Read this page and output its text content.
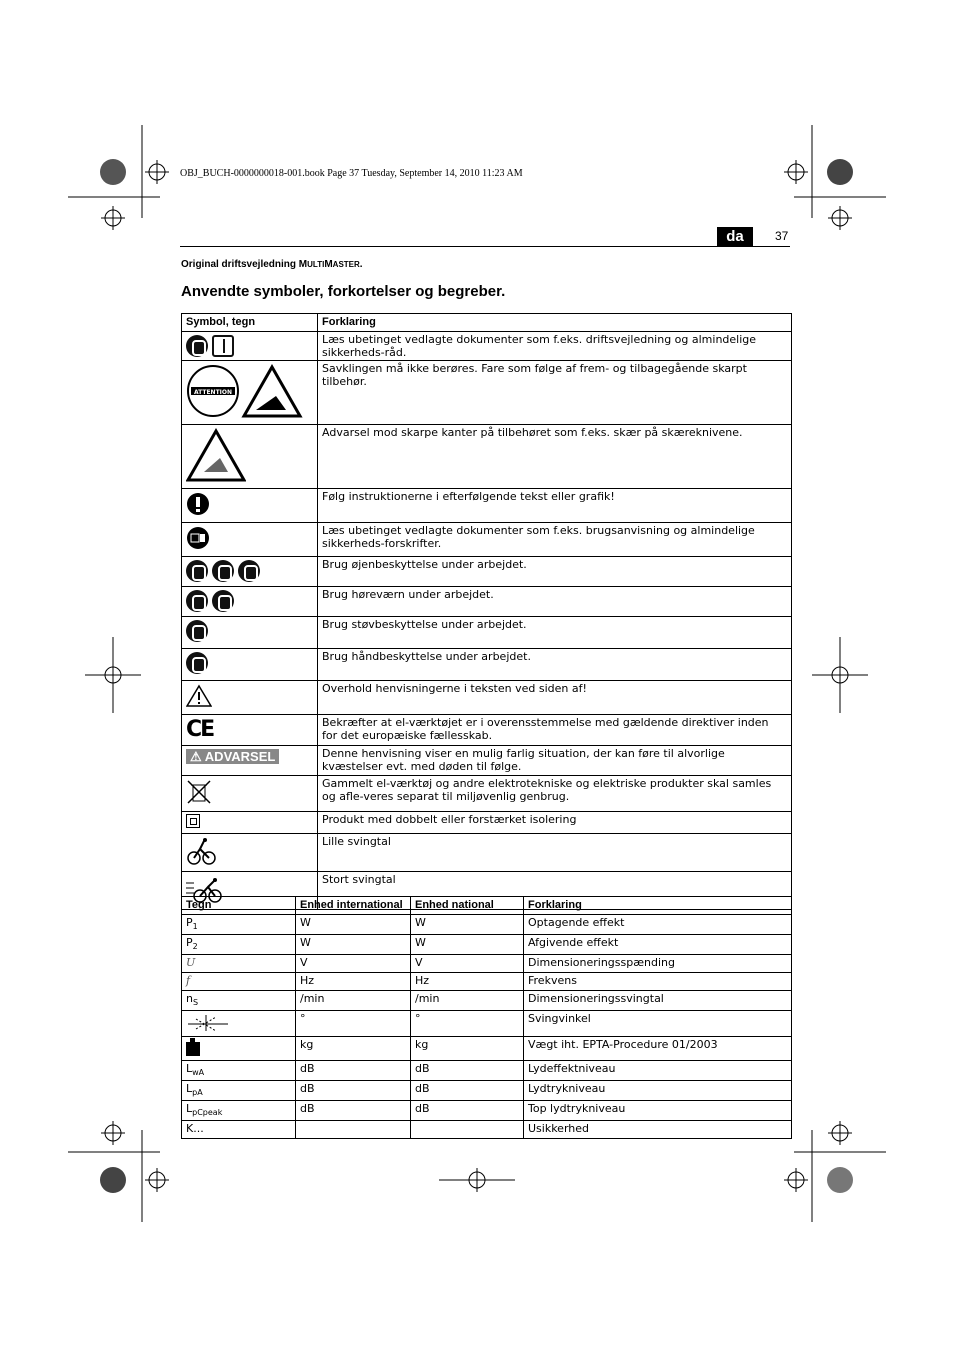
OBJ_BUCH-0000000018-001.book Page 37 Tuesday, September 14, 2010 11:23 AM
da	37
Original driftsvejledning MULTIMASTER.
Anvendte symboler, forkortelser og begreber.
Symbol, tegn	Forklaring

	Læs ubetinget vedlagte dokumenter som f.eks. driftsvejledning og almindelige sikkerheds-råd.

ATTENTION	Savklingen må ikke berøres. Fare som følge af frem- og tilbagegående skarpt tilbehør.
	Advarsel mod skarpe kanter på tilbehøret som f.eks. skær på skæreknivene.
	Følg instruktionerne i efterfølgende tekst eller grafik!
	Læs ubetinget vedlagte dokumenter som f.eks. brugsanvisning og almindelige sikkerheds-forskrifter.

	Brug øjenbeskyttelse under arbejdet.

	Brug høreværn under arbejdet.
	Brug støvbeskyttelse under arbejdet.
	Brug håndbeskyttelse under arbejdet.
	Overhold henvisningerne i teksten ved siden af!
CE	Bekræfter at el-værktøjet er i overensstemmelse med gældende direktiver inden for det europæiske fællesskab.
⚠ ADVARSEL	Denne henvisning viser en mulig farlig situation, der kan føre til alvorlige kvæstelser evt. med døden til følge.
	Gammelt el-værktøj og andre elektrotekniske og elektriske produkter skal samles og afle-veres separat til miljøvenlig genbrug.
	Produkt med dobbelt eller forstærket isolering
	Lille svingtal
	Stort svingtal
Tegn	Enhed international	Enhed national	Forklaring
$P_1$	W	W	Optagende effekt
$P_2$	W	W	Afgivende effekt
U	V	V	Dimensioneringsspænding
f	Hz	Hz	Frekvens
$n_S$	/min	/min	Dimensioneringssvingtal
	°	°	Svingvinkel
	kg	kg	Vægt iht. EPTA-Procedure 01/2003
$L_{wA}$	dB	dB	Lydeffektniveau
$L_{pA}$	dB	dB	Lydtrykniveau
$L_{pCpeak}$	dB	dB	Top lydtrykniveau
K...			Usikkerhed
